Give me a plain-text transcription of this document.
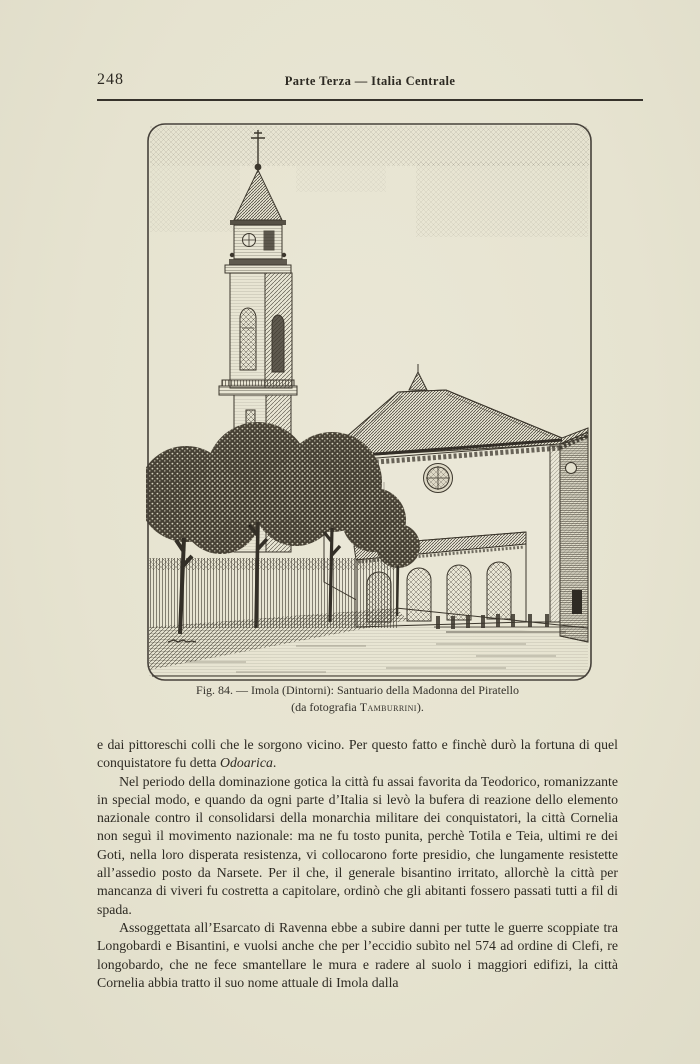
248	Parte Terza — Italia Centrale
Fig. 84. — Imola (Dintorni): Santuario della Madonna del Piratello
(da fotografia Tamburrini).

e dai pittoreschi colli che le sorgono vicino. Per questo fatto e finchè durò la fortuna di quel conquistatore fu detta Odoarica.

Nel periodo della dominazione gotica la città fu assai favorita da Teodorico, romanizzante in special modo, e quando da ogni parte d’Italia si levò la bufera di reazione dello elemento nazionale contro il consolidarsi della monarchia militare dei conquistatori, la città Cornelia non seguì il movimento nazionale: ma ne fu tosto punita, perchè Totila e Teia, ultimi re dei Goti, nella loro disperata resistenza, vi collocarono forte presidio, che lungamente resistette all’assedio posto da Narsete. Per il che, il generale bisantino irritato, allorchè la città per mancanza di viveri fu costretta a capitolare, ordinò che gli abitanti fossero passati tutti a fil di spada.

Assoggettata all’Esarcato di Ravenna ebbe a subire danni per tutte le guerre scoppiate tra Longobardi e Bisantini, e vuolsi anche che per l’eccidio subìto nel 574 ad ordine di Clefi, re longobardo, che ne fece smantellare le mura e radere al suolo i maggiori edifizi, la città Cornelia abbia tratto il suo nome attuale di Imola dalla
